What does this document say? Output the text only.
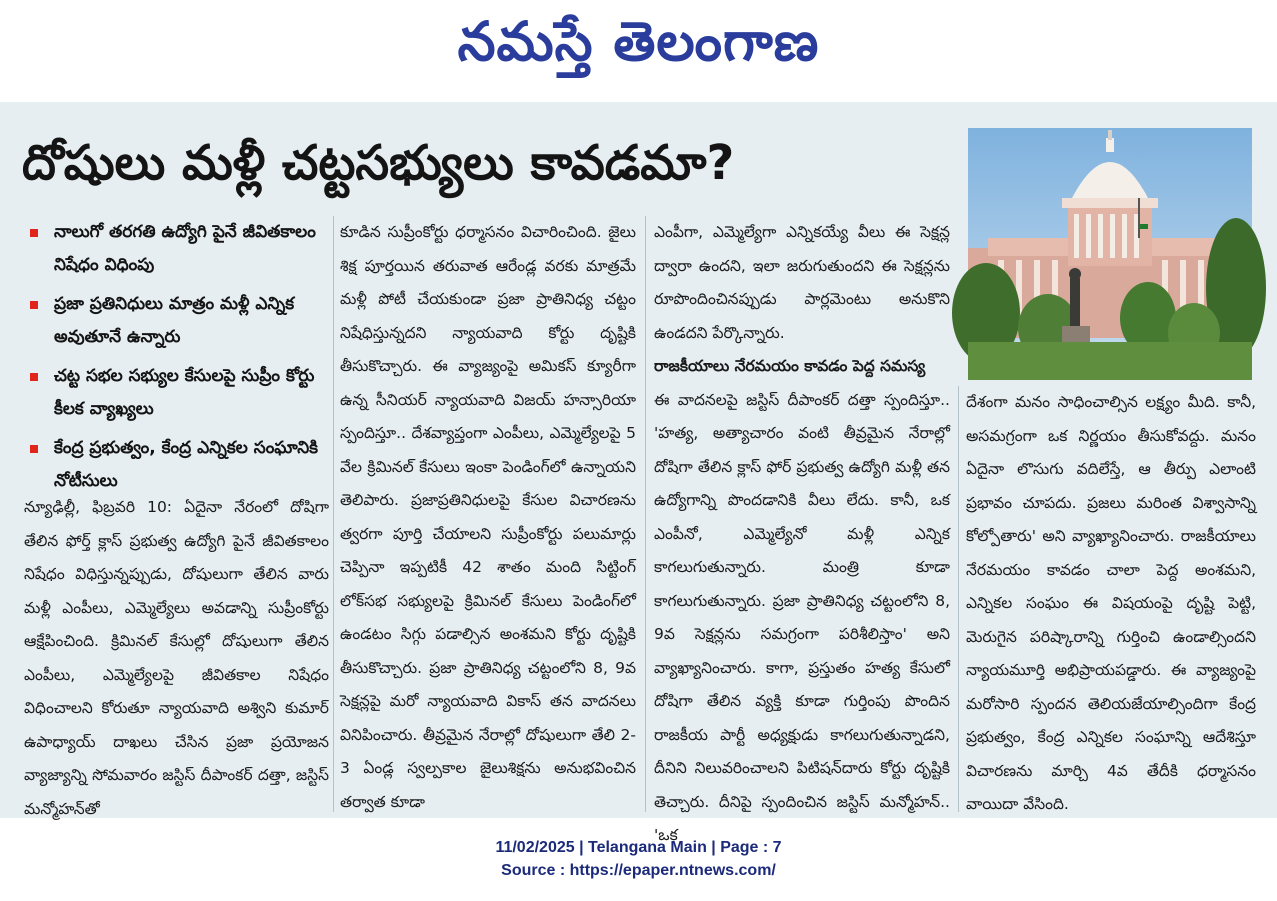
నమస్తే తెలంగాణ
దోషులు మళ్లీ చట్టసభ్యులు కావడమా?
నాలుగో తరగతి ఉద్యోగి పైనే జీవితకాలం నిషేధం విధింపు
ప్రజా ప్రతినిధులు మాత్రం మళ్లీ ఎన్నిక అవుతూనే ఉన్నారు
చట్ట సభల సభ్యుల కేసులపై సుప్రీం కోర్టు కీలక వ్యాఖ్యలు
కేంద్ర ప్రభుత్వం, కేంద్ర ఎన్నికల సంఘానికి నోటీసులు

న్యూఢిల్లీ, ఫిబ్రవరి 10: ఏదైనా నేరంలో దోషిగా తేలిన ఫోర్త్ క్లాస్ ప్రభుత్వ ఉద్యోగి పైనే జీవితకాలం నిషేధం విధిస్తున్నప్పుడు, దోషులుగా తేలిన వారు మళ్లీ ఎంపీలు, ఎమ్మెల్యేలు అవడాన్ని సుప్రీంకోర్టు ఆక్షేపించింది. క్రిమినల్ కేసుల్లో దోషులుగా తేలిన ఎంపీలు, ఎమ్మెల్యేలపై జీవితకాల నిషేధం విధించాలని కోరుతూ న్యాయవాది అశ్విని కుమార్ ఉపాధ్యాయ్ దాఖలు చేసిన ప్రజా ప్రయోజన వ్యాజ్యాన్ని సోమవారం జస్టిస్ దీపాంకర్ దత్తా, జస్టిస్ మన్మోహన్‌తో

కూడిన సుప్రీంకోర్టు ధర్మాసనం విచారించింది. జైలు శిక్ష పూర్తయిన తరువాత ఆరేండ్ల వరకు మాత్రమే మళ్లీ పోటీ చేయకుండా ప్రజా ప్రాతినిధ్య చట్టం నిషేధిస్తున్నదని న్యాయవాది కోర్టు దృష్టికి తీసుకొచ్చారు. ఈ వ్యాజ్యంపై అమికస్ క్యూరీగా ఉన్న సీనియర్ న్యాయవాది విజయ్ హన్సారియా స్పందిస్తూ.. దేశవ్యాప్తంగా ఎంపీలు, ఎమ్మెల్యేలపై 5 వేల క్రిమినల్ కేసులు ఇంకా పెండింగ్‌లో ఉన్నాయని తెలిపారు. ప్రజాప్రతినిధులపై కేసుల విచారణను త్వరగా పూర్తి చేయాలని సుప్రీంకోర్టు పలుమార్లు చెప్పినా ఇప్పటికీ 42 శాతం మంది సిట్టింగ్ లోక్‌సభ సభ్యులపై క్రిమినల్ కేసులు పెండింగ్‌లో ఉండటం సిగ్గు పడాల్సిన అంశమని కోర్టు దృష్టికి తీసుకొచ్చారు. ప్రజా ప్రాతినిధ్య చట్టంలోని 8, 9వ సెక్షన్లపై మరో న్యాయవాది వికాస్ తన వాదనలు వినిపించారు. తీవ్రమైన నేరాల్లో దోషులుగా తేలి 2-3 ఏండ్ల స్వల్పకాల జైలుశిక్షను అనుభవించిన తర్వాత కూడా

ఎంపీగా, ఎమ్మెల్యేగా ఎన్నికయ్యే వీలు ఈ సెక్షన్ల ద్వారా ఉందని, ఇలా జరుగుతుందని ఈ సెక్షన్లను రూపొందించినప్పుడు పార్లమెంటు అనుకొని ఉండదని పేర్కొన్నారు.

రాజకీయాలు నేరమయం కావడం పెద్ద సమస్య

ఈ వాదనలపై జస్టిస్ దీపాంకర్ దత్తా స్పందిస్తూ.. 'హత్య, అత్యాచారం వంటి తీవ్రమైన నేరాల్లో దోషిగా తేలిన క్లాస్ ఫోర్ ప్రభుత్వ ఉద్యోగి మళ్లీ తన ఉద్యోగాన్ని పొందడానికి వీలు లేదు. కానీ, ఒక ఎంపీనో, ఎమ్మెల్యేనో మళ్లీ ఎన్నిక కాగలుగుతున్నారు. మంత్రి కూడా కాగలుగుతున్నారు. ప్రజా ప్రాతినిధ్య చట్టంలోని 8, 9వ సెక్షన్లను సమగ్రంగా పరిశీలిస్తాం' అని వ్యాఖ్యానించారు. కాగా, ప్రస్తుతం హత్య కేసులో దోషిగా తేలిన వ్యక్తి కూడా గుర్తింపు పొందిన రాజకీయ పార్టీ అధ్యక్షుడు కాగలుగుతున్నాడని, దీనిని నిలువరించాలని పిటిషన్‌దారు కోర్టు దృష్టికి తెచ్చారు. దీనిపై స్పందించిన జస్టిస్ మన్మోహన్.. 'ఒక

దేశంగా మనం సాధించాల్సిన లక్ష్యం మీది. కానీ, అసమగ్రంగా ఒక నిర్ణయం తీసుకోవద్దు. మనం ఏదైనా లొసుగు వదిలేస్తే, ఆ తీర్పు ఎలాంటి ప్రభావం చూపదు. ప్రజలు మరింత విశ్వాసాన్ని కోల్పోతారు' అని వ్యాఖ్యానించారు. రాజకీయాలు నేరమయం కావడం చాలా పెద్ద అంశమని, ఎన్నికల సంఘం ఈ విషయంపై దృష్టి పెట్టి, మెరుగైన పరిష్కారాన్ని గుర్తించి ఉండాల్సిందని న్యాయమూర్తి అభిప్రాయపడ్డారు. ఈ వ్యాజ్యంపై మరోసారి స్పందన తెలియజేయాల్సిందిగా కేంద్ర ప్రభుత్వం, కేంద్ర ఎన్నికల సంఘాన్ని ఆదేశిస్తూ విచారణను మార్చి 4వ తేదీకి ధర్మాసనం వాయిదా వేసింది.

11/02/2025 | Telangana Main | Page : 7
Source : https://epaper.ntnews.com/
